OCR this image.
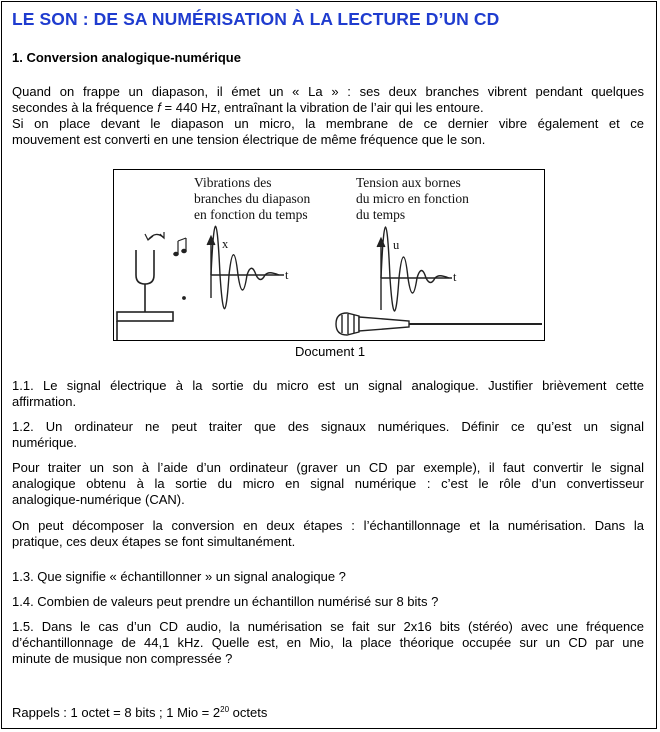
LE SON : DE SA NUMÉRISATION À LA LECTURE D’UN CD
1. Conversion analogique-numérique
Quand on frappe un diapason, il émet un « La » : ses deux branches vibrent pendant quelques
secondes à la fréquence f = 440 Hz, entraînant la vibration de l’air qui les entoure.
Si on place devant le diapason un micro, la membrane de ce dernier vibre également et ce
mouvement est converti en une tension électrique de même fréquence que le son.
Vibrations des
branches du diapason
en fonction du temps
Tension aux bornes
du micro en fonction
du temps
x
t
u
t
Document 1
1.1. Le signal électrique à la sortie du micro est un signal analogique. Justifier brièvement cette
affirmation.
1.2. Un ordinateur ne peut traiter que des signaux numériques. Définir ce qu’est un signal
numérique.
Pour traiter un son à l’aide d’un ordinateur (graver un CD par exemple), il faut convertir le signal
analogique obtenu à la sortie du micro en signal numérique : c’est le rôle d’un convertisseur
analogique-numérique (CAN).
On peut décomposer la conversion en deux étapes : l’échantillonnage et la numérisation. Dans la
pratique, ces deux étapes se font simultanément.
1.3. Que signifie « échantillonner » un signal analogique ?
1.4. Combien de valeurs peut prendre un échantillon numérisé sur 8 bits ?
1.5. Dans le cas d’un CD audio, la numérisation se fait sur 2x16 bits (stéréo) avec une fréquence
d’échantillonnage de 44,1 kHz. Quelle est, en Mio, la place théorique occupée sur un CD par une
minute de musique non compressée ?
Rappels : 1 octet = 8 bits ; 1 Mio = $2^{20}$ octets
